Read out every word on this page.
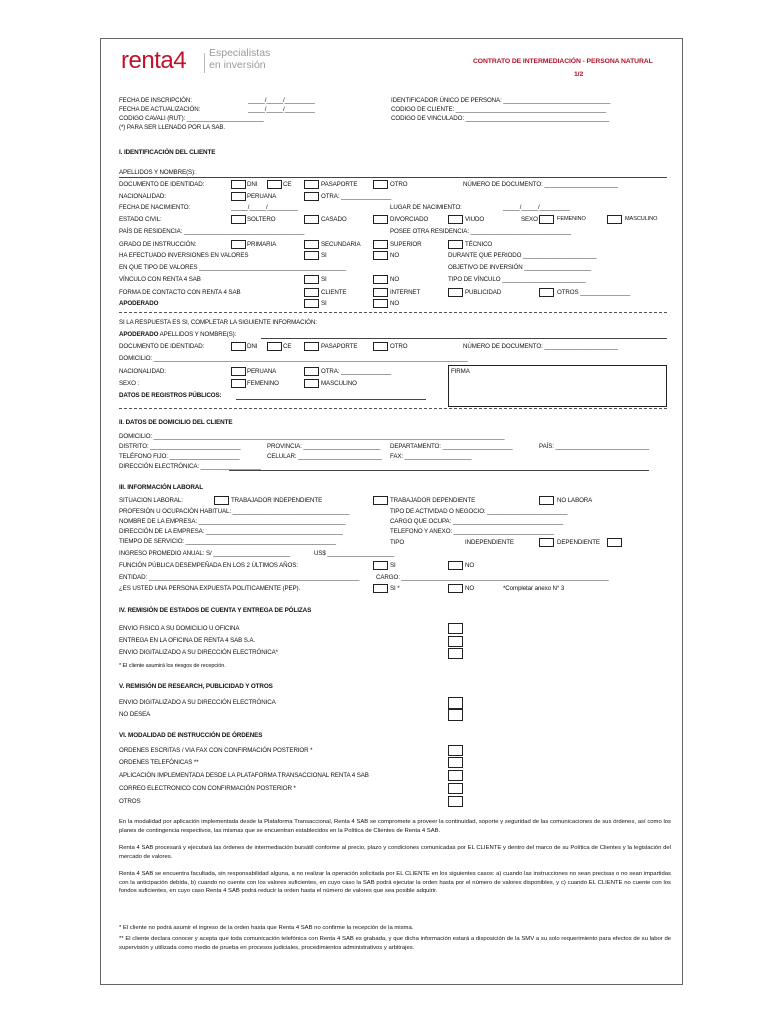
renta4 Especialistas
en inversión	CONTRATO DE INTERMEDIACIÓN - PERSONA NATURAL
1/2
FECHA DE INSCRIPCIÓN:	_____/_____/_________
FECHA DE ACTUALIZACIÓN:	_____/_____/_________
CODIGO CAVALI (RUT): _______________________
(*) PARA SER LLENADO POR LA SAB.
IDENTIFICADOR ÚNICO DE PERSONA: ________________________________
CODIGO DE CLIENTE: _____________________________________________
CODIGO DE VINCULADO: ___________________________________________
I. IDENTIFICACIÓN DEL CLIENTE
APELLIDOS Y NOMBRE(S):
DOCUMENTO DE IDENTIDAD:	DNI	CE	PASAPORTE	OTRO	NÚMERO DE DOCUMENTO: ______________________
NACIONALIDAD:	PERUANA	OTRA: _______________
FECHA DE NACIMIENTO:	_____/_____/_________	LUGAR DE NACIMIENTO:	_____/_____/_________
ESTADO CIVIL:	SOLTERO	CASADO	DIVORCIADO	VIUDO	SEXO	FEMENINO	MASCULINO
PAÍS DE RESIDENCIA: ____________________________________	POSEE OTRA RESIDENCIA: ______________________________
GRADO DE INSTRUCCIÓN:	PRIMARIA	SECUNDARIA	SUPERIOR	TÉCNICO
HA EFECTUADO INVERSIONES EN VALORES	SI	NO	DURANTE QUE PERIODO ______________________
EN QUE TIPO DE VALORES ____________________________________________	OBJETIVO DE INVERSIÓN ____________________
VÍNCULO CON RENTA 4 SAB	SI	NO	TIPO DE VÍNCULO _________________________
FORMA DE CONTACTO CON RENTA 4 SAB	CLIENTE	INTERNET	PUBLICIDAD	OTROS _______________
APODERADO	SI	NO
SI LA RESPUESTA ES SI, COMPLETAR LA SIGUIENTE INFORMACIÓN:
APODERADO APELLIDOS Y NOMBRE(S):
DOCUMENTO DE IDENTIDAD:	DNI	CE	PASAPORTE	OTRO	NÚMERO DE DOCUMENTO: ______________________
DOMICILIO: ______________________________________________________________________________________________
NACIONALIDAD:	PERUANA	OTRA: _______________
SEXO :	FEMENINO	MASCULINO
FIRMA
DATOS DE REGISTROS PÚBLICOS:
II. DATOS DE DOMICILIO DEL CLIENTE
DOMICILIO: _________________________________________________________________________________________________________
DISTRITO: ___________________________	PROVINCIA: _______________________ DEPARTAMENTO: _____________________	PAÍS: ____________________________
TELÉFONO FIJO: _____________________	CELULAR: _________________________ FAX: ____________________
DIRECCIÓN ELECTRÓNICA: __________________
III. INFORMACIÓN LABORAL
SITUACION LABORAL:	TRABAJADOR INDEPENDIENTE	TRABAJADOR DEPENDIENTE	NO LABORA
PROFESIÓN U OCUPACIÓN HABITUAL: ___________________________________	TIPO DE ACTIVIDAD O NEGOCIO: ________________________
NOMBRE DE LA EMPRESA: ____________________________________________	CARGO QUE OCUPA: _________________________________
DIRECCIÓN DE LA EMPRESA: _________________________________________	TELEFONO Y ANEXO: ______________________________
TIEMPO DE SERVICIO: _____________________________________________	TIPO	INDEPENDIENTE	DEPENDIENTE
INGRESO PROMEDIO ANUAL: S/ _______________________	US$ ____________________
FUNCIÓN PÚBLICA DESEMPEÑADA EN LOS 2 ÚLTIMOS AÑOS:	SI	NO
ENTIDAD: _______________________________________________________________	CARGO: ______________________________________________________________
¿ES USTED UNA PERSONA EXPUESTA POLITICAMENTE (PEP).	SI *	NO	*Completar anexo N° 3
IV. REMISIÓN DE ESTADOS DE CUENTA Y ENTREGA DE PÓLIZAS
ENVIO FISICO A SU DOMICILIO U OFICINA
ENTREGA EN LA OFICINA DE RENTA 4 SAB S.A.
ENVIO DIGITALIZADO A SU DIRECCIÓN ELECTRÓNICA*
* El cliente asumirá los riesgos de recepción.
V. REMISIÓN DE RESEARCH, PUBLICIDAD Y OTROS
ENVIO DIGITALIZADO A SU DIRECCIÓN ELECTRÓNICA
NO DESEA
VI. MODALIDAD DE INSTRUCCIÓN DE ÓRDENES
ORDENES ESCRITAS / VIA FAX CON CONFIRMACIÓN POSTERIOR *
ORDENES TELEFÓNICAS **
APLICACIÓN IMPLEMENTADA DESDE LA PLATAFORMA TRANSACCIONAL RENTA 4 SAB
CORREO ELECTRONICO CON CONFIRMACIÓN POSTERIOR *
OTROS
En la modalidad por aplicación implementada desde la Plataforma Transaccional, Renta 4 SAB se compromete a proveer la continuidad, soporte y seguridad de las comunicaciones de sus órdenes, así como los planes de contingencia respectivos, las mismas que se encuentran establecidos en la Política de Clientes de Renta 4 SAB.
Renta 4 SAB procesará y ejecutará las órdenes de intermediación bursátil conforme al precio, plazo y condiciones comunicadas por EL CLIENTE y dentro del marco de su Política de Clientes y la legislación del mercado de valores.
Renta 4 SAB se encuentra facultada, sin responsabilidad alguna, a no realizar la operación solicitada por EL CLIENTE en los siguientes casos: a) cuando las instrucciones no sean precisas o no sean impartidas con la anticipación debida, b) cuando no cuente con los valores suficientes, en cuyo caso la SAB podrá ejecutar la orden hasta por el número de valores disponibles, y c) cuando EL CLIENTE no cuente con los fondos suficientes, en cuyo caso Renta 4 SAB podrá reducir la orden hasta el número de valores que sea posible adquirir.
* El cliente no podrá asumir el ingreso de la orden hasta que Renta 4 SAB no confirme la recepción de la misma.
** El cliente declara conocer y acepta que toda comunicación telefónica con Renta 4 SAB es grabada, y que dicha información estará a disposición de la SMV a su solo requerimiento para efectos de su labor de supervisión y utilizada como medio de prueba en procesos judiciales, procedimientos administrativos y arbitrajes.
